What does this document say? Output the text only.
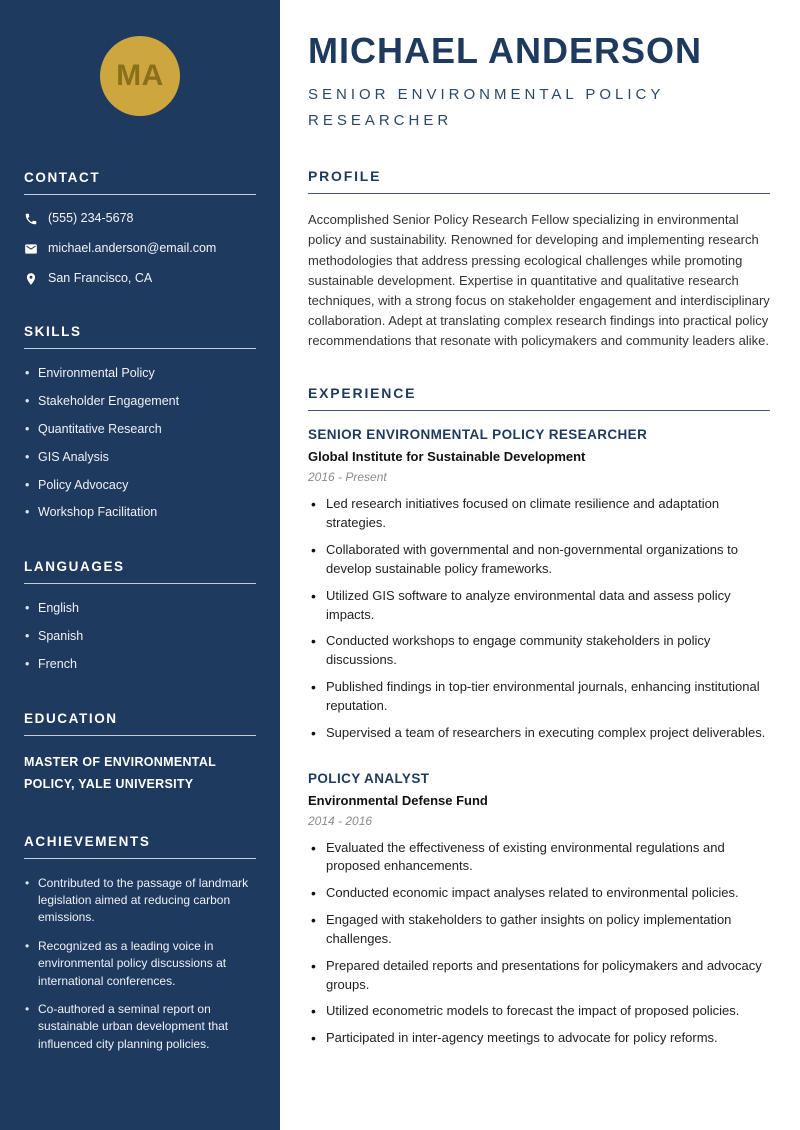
MA
CONTACT
(555) 234-5678
michael.anderson@email.com
San Francisco, CA
SKILLS
• Environmental Policy
• Stakeholder Engagement
• Quantitative Research
• GIS Analysis
• Policy Advocacy
• Workshop Facilitation
LANGUAGES
• English
• Spanish
• French
EDUCATION
MASTER OF ENVIRONMENTAL POLICY, YALE UNIVERSITY
ACHIEVEMENTS
• Contributed to the passage of landmark legislation aimed at reducing carbon emissions.
• Recognized as a leading voice in environmental policy discussions at international conferences.
• Co-authored a seminal report on sustainable urban development that influenced city planning policies.
MICHAEL ANDERSON
SENIOR ENVIRONMENTAL POLICY RESEARCHER
PROFILE

Accomplished Senior Policy Research Fellow specializing in environmental policy and sustainability. Renowned for developing and implementing research methodologies that address pressing ecological challenges while promoting sustainable development. Expertise in quantitative and qualitative research techniques, with a strong focus on stakeholder engagement and interdisciplinary collaboration. Adept at translating complex research findings into practical policy recommendations that resonate with policymakers and community leaders alike.

EXPERIENCE
SENIOR ENVIRONMENTAL POLICY RESEARCHER
Global Institute for Sustainable Development
2016 - Present
• Led research initiatives focused on climate resilience and adaptation strategies.
• Collaborated with governmental and non-governmental organizations to develop sustainable policy frameworks.
• Utilized GIS software to analyze environmental data and assess policy impacts.
• Conducted workshops to engage community stakeholders in policy discussions.
• Published findings in top-tier environmental journals, enhancing institutional reputation.
• Supervised a team of researchers in executing complex project deliverables.
POLICY ANALYST
Environmental Defense Fund
2014 - 2016
• Evaluated the effectiveness of existing environmental regulations and proposed enhancements.
• Conducted economic impact analyses related to environmental policies.
• Engaged with stakeholders to gather insights on policy implementation challenges.
• Prepared detailed reports and presentations for policymakers and advocacy groups.
• Utilized econometric models to forecast the impact of proposed policies.
• Participated in inter-agency meetings to advocate for policy reforms.
